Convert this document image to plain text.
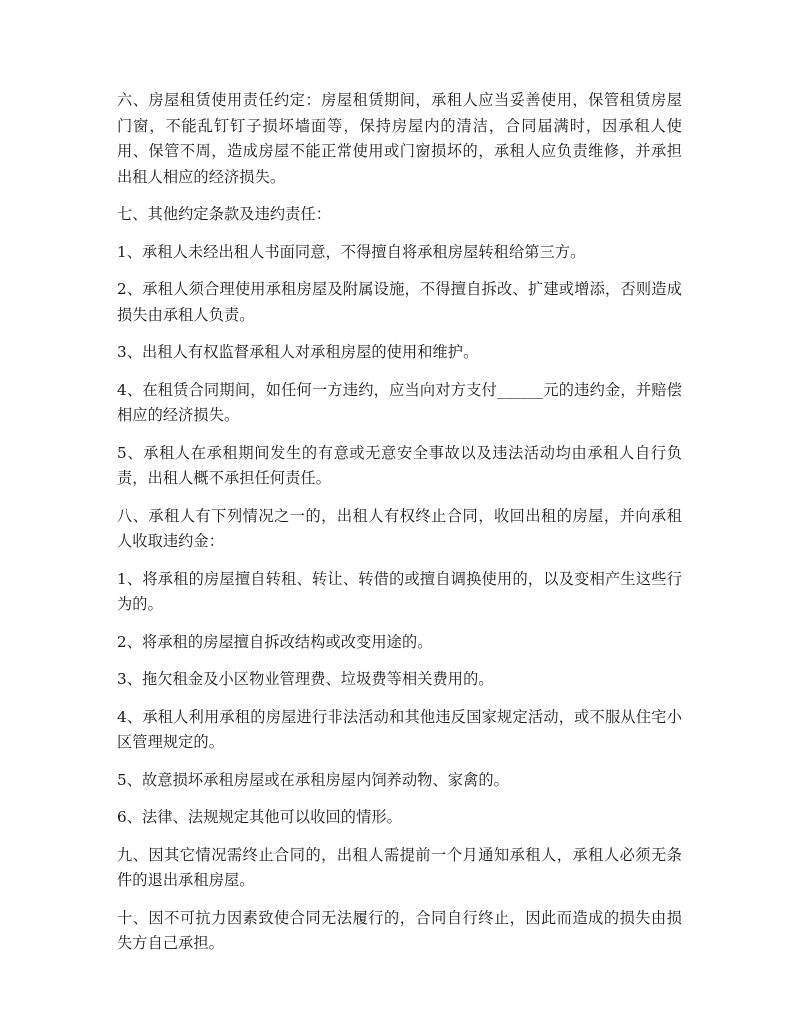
六、房屋租赁使用责任约定：房屋租赁期间，承租人应当妥善使用，保管租赁房屋门窗，不能乱钉钉子损坏墙面等，保持房屋内的清洁，合同届满时，因承租人使用、保管不周，造成房屋不能正常使用或门窗损坏的，承租人应负责维修，并承担出租人相应的经济损失。

七、其他约定条款及违约责任：

1、承租人未经出租人书面同意，不得擅自将承租房屋转租给第三方。

2、承租人须合理使用承租房屋及附属设施，不得擅自拆改、扩建或增添，否则造成损失由承租人负责。

3、出租人有权监督承租人对承租房屋的使用和维护。

4、在租赁合同期间，如任何一方违约，应当向对方支付______元的违约金，并赔偿相应的经济损失。

5、承租人在承租期间发生的有意或无意安全事故以及违法活动均由承租人自行负责，出租人概不承担任何责任。

八、承租人有下列情况之一的，出租人有权终止合同，收回出租的房屋，并向承租人收取违约金：

1、将承租的房屋擅自转租、转让、转借的或擅自调换使用的，以及变相产生这些行为的。

2、将承租的房屋擅自拆改结构或改变用途的。

3、拖欠租金及小区物业管理费、垃圾费等相关费用的。

4、承租人利用承租的房屋进行非法活动和其他违反国家规定活动，或不服从住宅小区管理规定的。

5、故意损坏承租房屋或在承租房屋内饲养动物、家禽的。

6、法律、法规规定其他可以收回的情形。

九、因其它情况需终止合同的，出租人需提前一个月通知承租人，承租人必须无条件的退出承租房屋。

十、因不可抗力因素致使合同无法履行的，合同自行终止，因此而造成的损失由损失方自己承担。
